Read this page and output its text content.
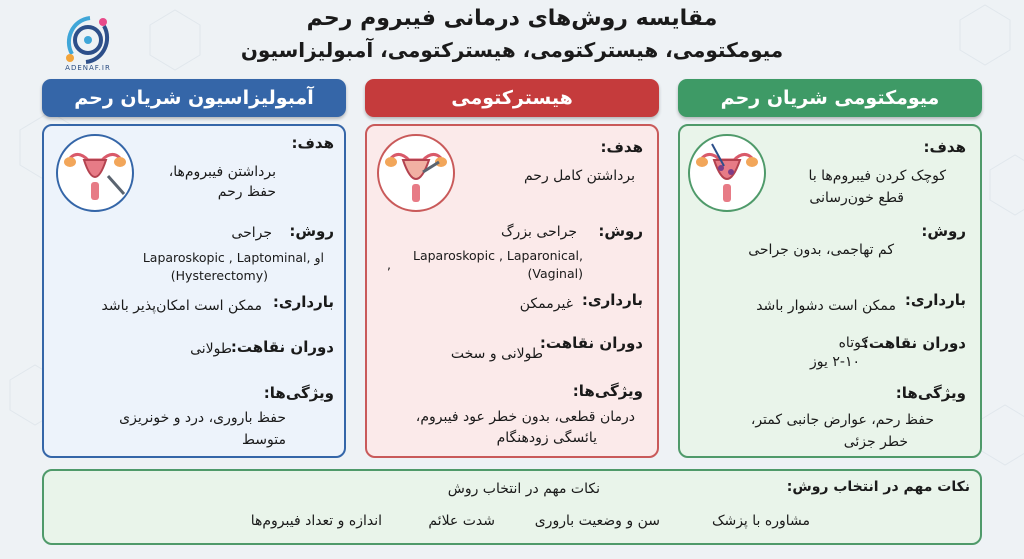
ADENAF.IR
مقایسه روش‌های درمانی فیبروم رحم
میومکتومی، هیسترکتومی، هیسترکتومی، آمبولیزاسیون
آمبولیزاسیون شریان رحم	هیسترکتومی	میومکتومی شریان رحم
هدف:
برداشتن فیبروم‌ها،
حفظ رحم
روش:
جراحی
Laparoskopic , Laptominal, او
(Hysterectomy)
بارداری:
ممکن است امکان‌پذیر باشد
دوران نقاهت:
طولانی
ویژگی‌ها:
حفظ باروری، درد و خونریزی
متوسط
هدف:
برداشتن کامل رحم
روش:
جراحی بزرگ
Laparoskopic , Laparonical,
(Vaginal)
,
بارداری:
غیرممکن
دوران نقاهت:
طولانی و سخت
ویژگی‌ها:
درمان قطعی، بدون خطر عود فیبروم،
یائسگی زودهنگام
هدف:
کوچک کردن فیبروم‌ها با
قطع خون‌رسانی
روش:
کم تهاجمی، بدون جراحی
بارداری:
ممکن است دشوار باشد
دوران نقاهت:
کوتاه
۲-۱۰ یوز
ویژگی‌ها:
حفظ رحم، عوارض جانبی کمتر،
خطر جزئی
نکات مهم در انتخاب روش:
نکات مهم در انتخاب روش
مشاوره با پزشک
سن و وضعیت باروری
شدت علائم
اندازه و تعداد فیبروم‌ها
